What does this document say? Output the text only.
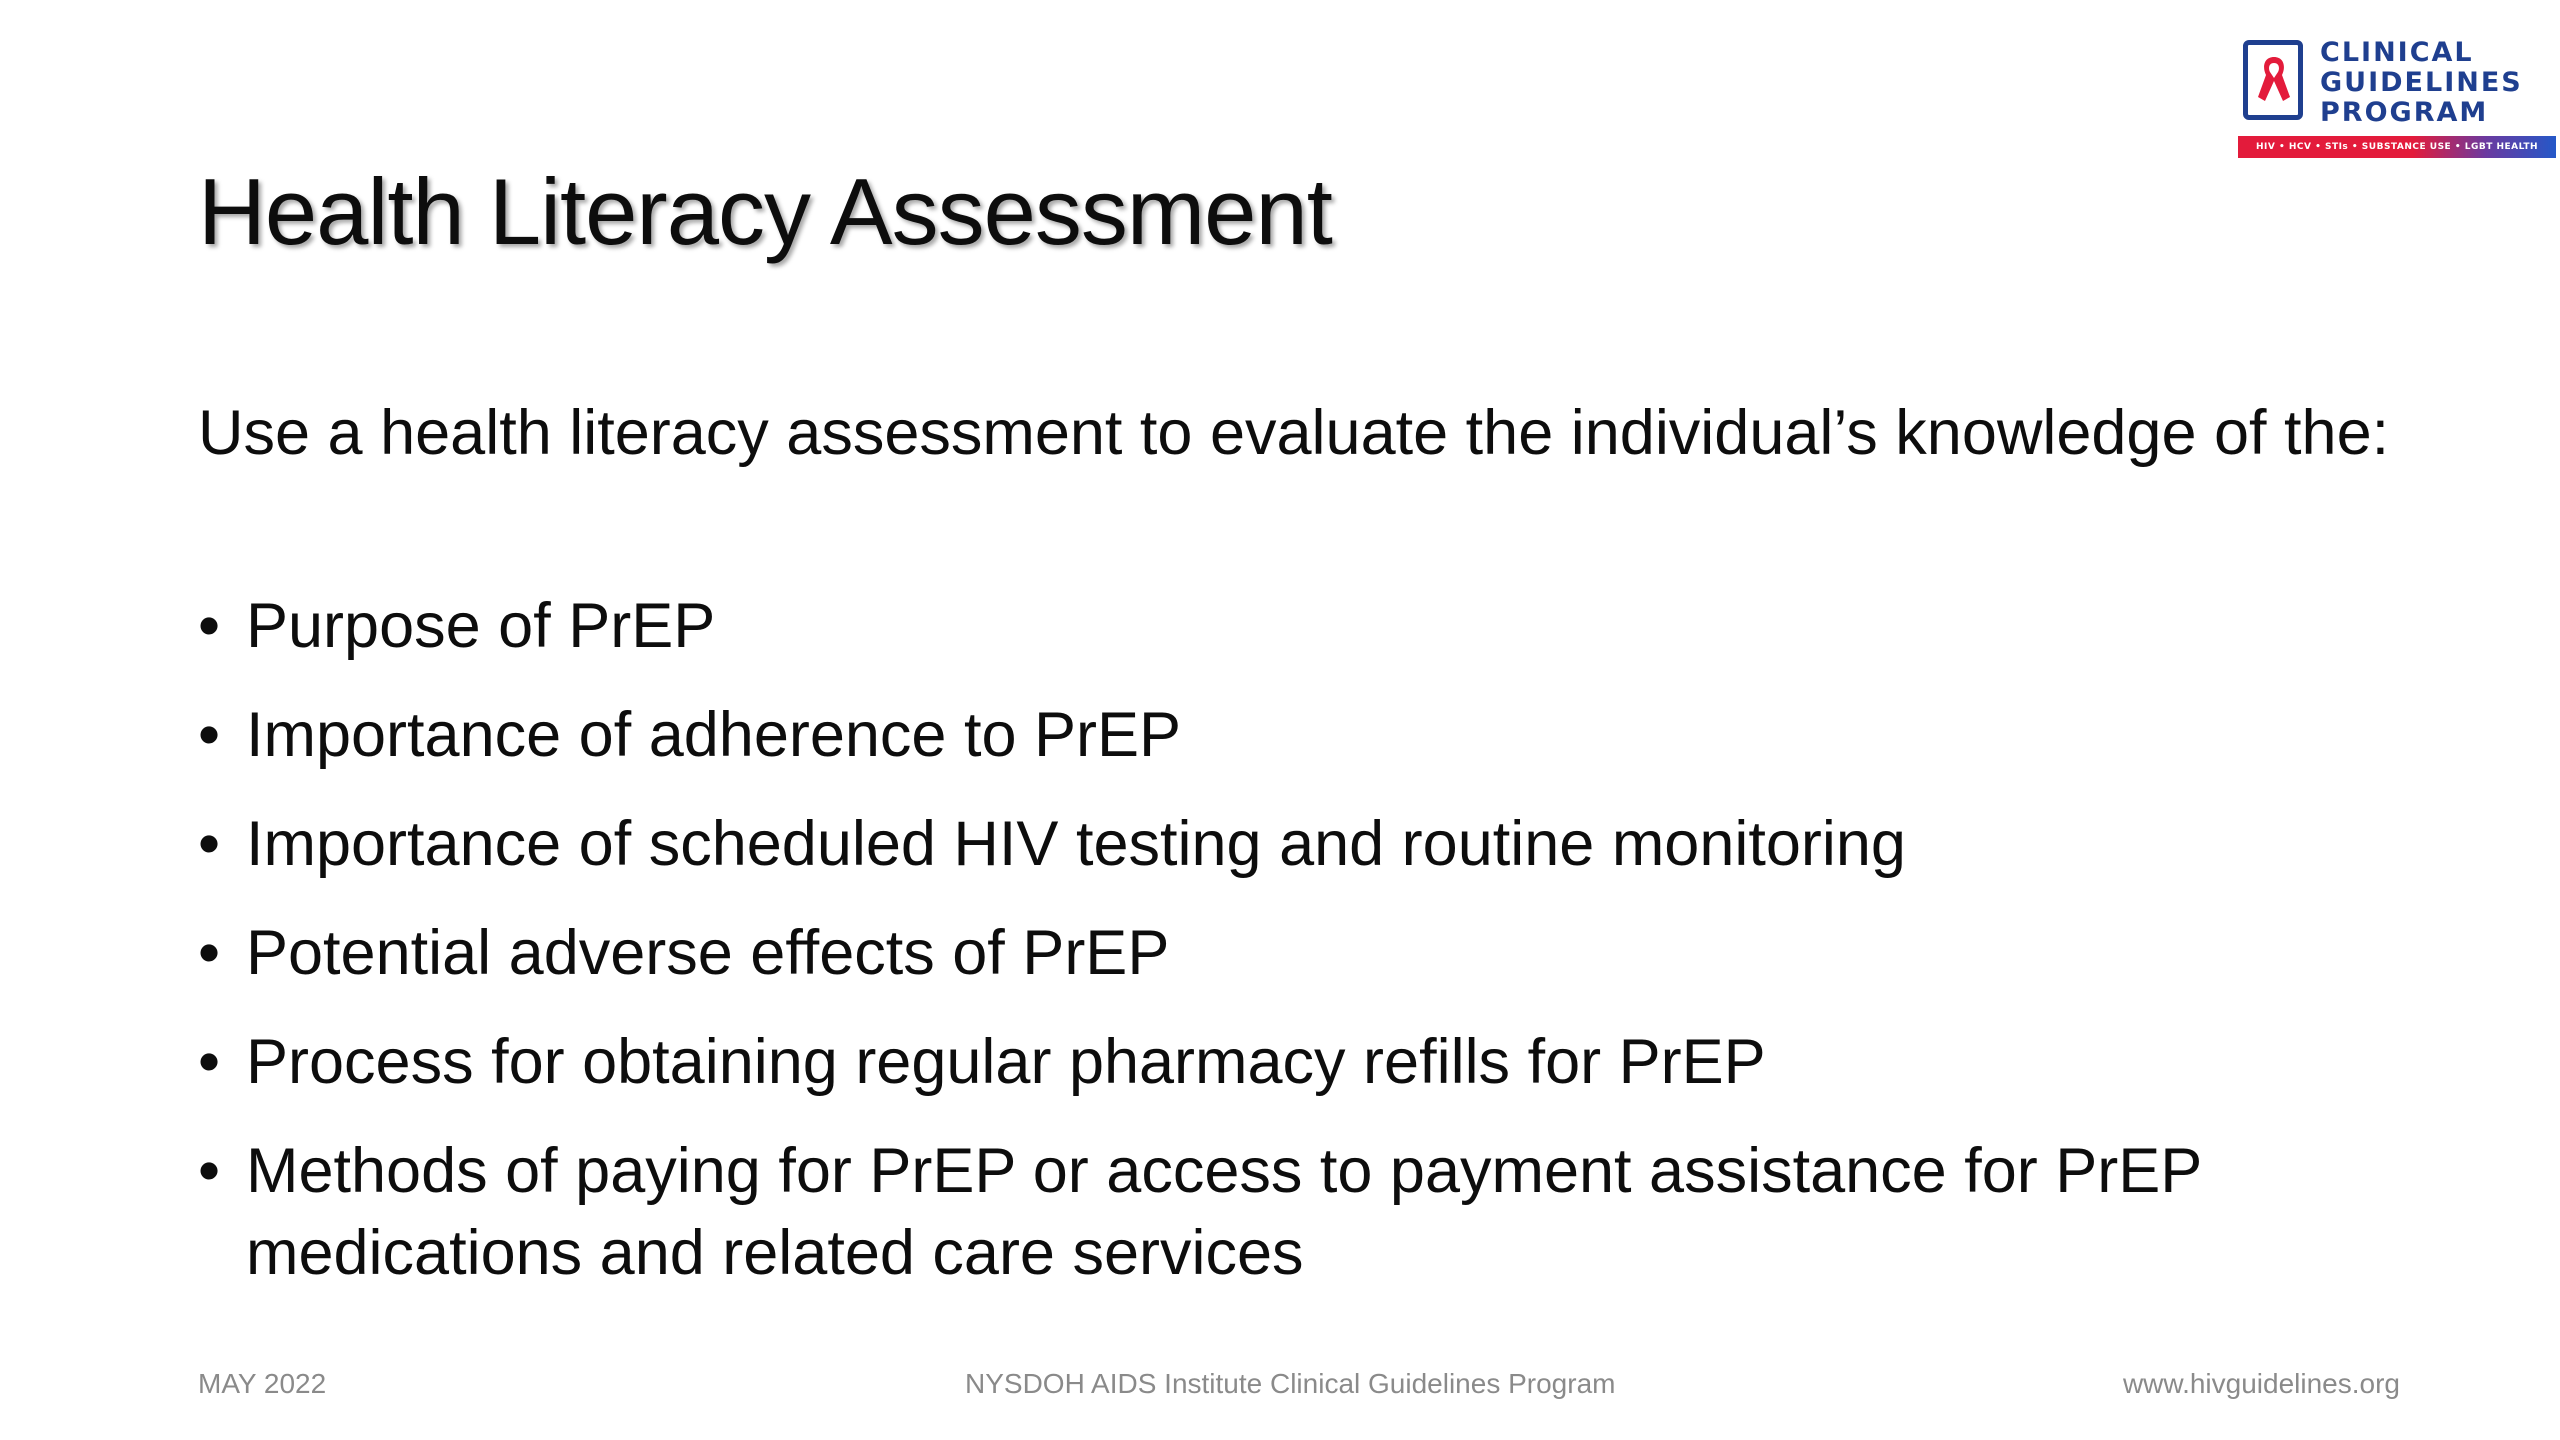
CLINICAL
GUIDELINES
PROGRAM
HIV • HCV • STIs • SUBSTANCE USE • LGBT HEALTH
Health Literacy Assessment

Use a health literacy assessment to evaluate the individual’s knowledge of the:

• Purpose of PrEP
• Importance of adherence to PrEP
• Importance of scheduled HIV testing and routine monitoring
• Potential adverse effects of PrEP
• Process for obtaining regular pharmacy refills for PrEP
• Methods of paying for PrEP or access to payment assistance for PrEP medications and related care services
MAY 2022	NYSDOH AIDS Institute Clinical Guidelines Program	www.hivguidelines.org
